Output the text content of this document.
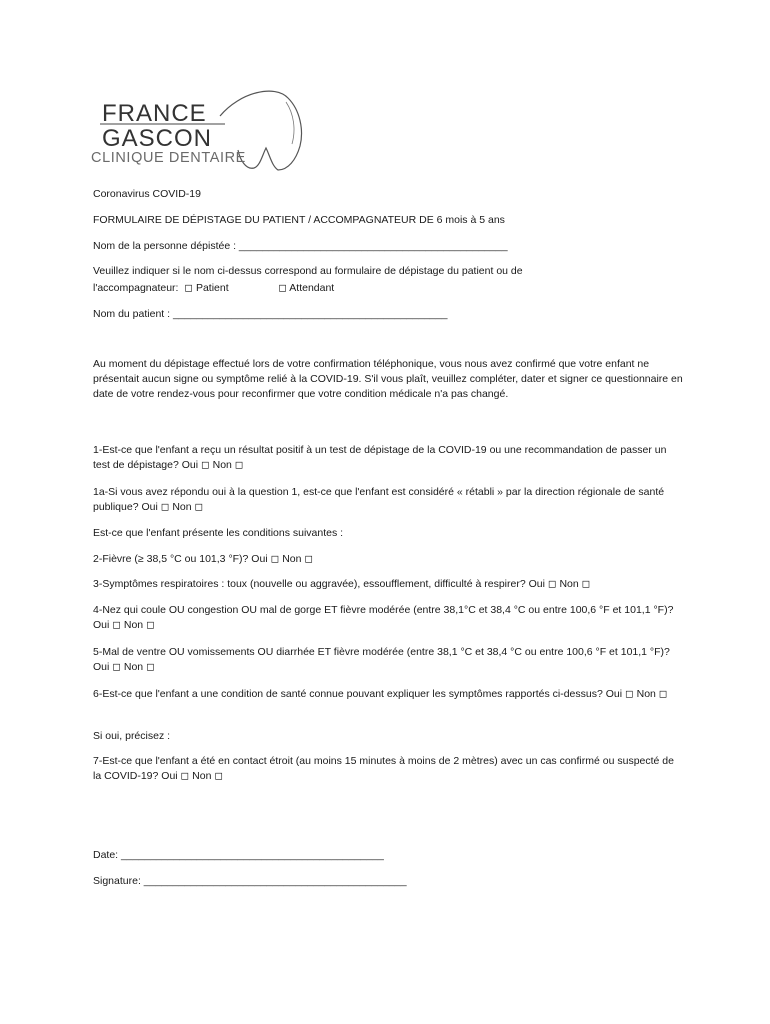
FRANCE
GASCON
CLINIQUE DENTAIRE

Coronavirus COVID-19

FORMULAIRE DE DÉPISTAGE DU PATIENT / ACCOMPAGNATEUR DE 6 mois à 5 ans

Nom de la personne dépistée : ______________________________________________

Veuillez indiquer si le nom ci-dessus correspond au formulaire de dépistage du patient ou de

l'accompagnateur:  ◻ Patient                 ◻ Attendant

Nom du patient : _______________________________________________

Au moment du dépistage effectué lors de votre confirmation téléphonique, vous nous avez confirmé que votre enfant ne présentait aucun signe ou symptôme relié à la COVID-19. S'il vous plaît, veuillez compléter, dater et signer ce questionnaire en date de votre rendez-vous pour reconfirmer que votre condition médicale n'a pas changé.

1-Est-ce que l'enfant a reçu un résultat positif à un test de dépistage de la COVID-19 ou une recommandation de passer un test de dépistage? Oui ◻ Non ◻

1a-Si vous avez répondu oui à la question 1, est-ce que l'enfant est considéré « rétabli » par la direction régionale de santé publique? Oui ◻ Non ◻

Est-ce que l'enfant présente les conditions suivantes :

2-Fièvre (≥ 38,5 °C ou 101,3 °F)? Oui ◻ Non ◻

3-Symptômes respiratoires : toux (nouvelle ou aggravée), essoufflement, difficulté à respirer? Oui ◻ Non ◻

4-Nez qui coule OU congestion OU mal de gorge ET fièvre modérée (entre 38,1°C et 38,4 °C ou entre 100,6 °F et 101,1 °F)? Oui ◻ Non ◻

5-Mal de ventre OU vomissements OU diarrhée ET fièvre modérée (entre 38,1 °C et 38,4 °C ou entre 100,6 °F et 101,1 °F)? Oui ◻ Non ◻

6-Est-ce que l'enfant a une condition de santé connue pouvant expliquer les symptômes rapportés ci-dessus? Oui ◻ Non ◻

Si oui, précisez :

7-Est-ce que l'enfant a été en contact étroit (au moins 15 minutes à moins de 2 mètres) avec un cas confirmé ou suspecté de la COVID-19? Oui ◻ Non ◻

Date: _____________________________________________

Signature: _____________________________________________
